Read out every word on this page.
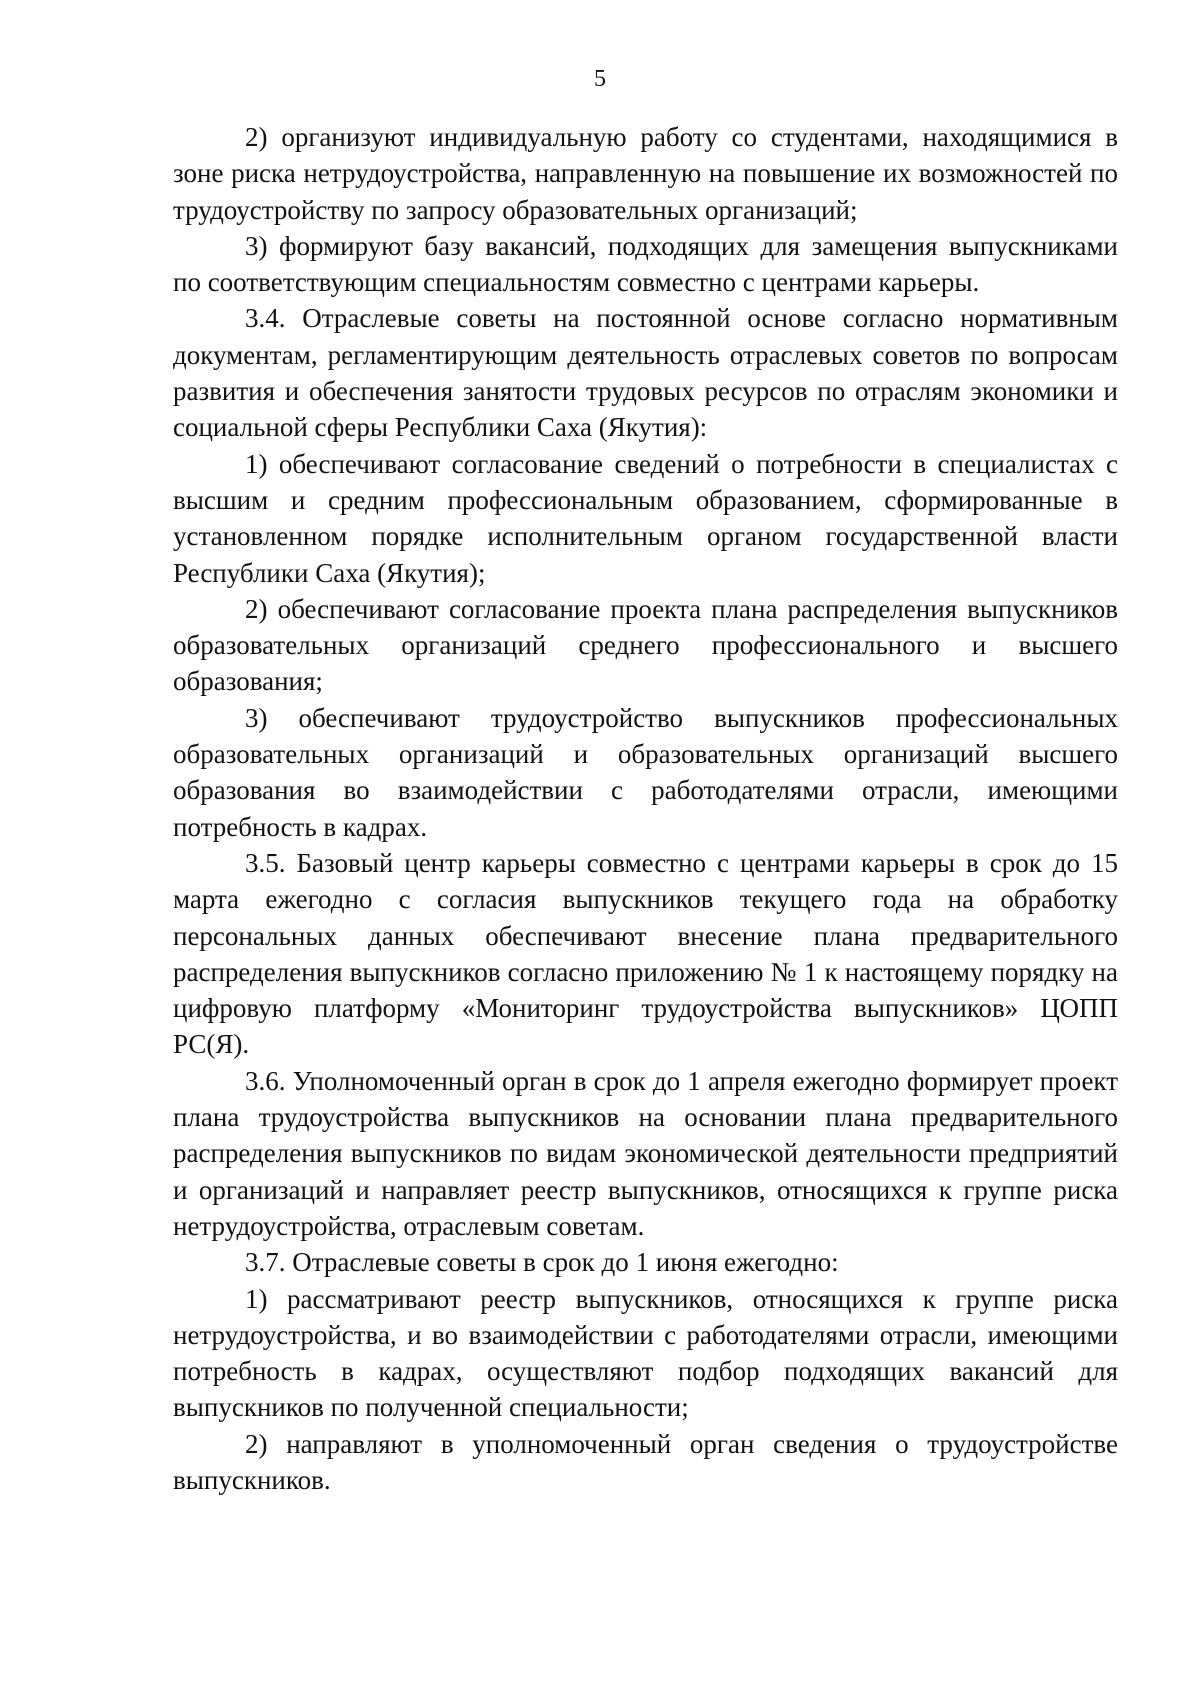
5

2) организуют индивидуальную работу со студентами, находящимися в зоне риска нетрудоустройства, направленную на повышение их возможностей по трудоустройству по запросу образовательных организаций;

3) формируют базу вакансий, подходящих для замещения выпускниками по соответствующим специальностям совместно с центрами карьеры.

3.4. Отраслевые советы на постоянной основе согласно нормативным документам, регламентирующим деятельность отраслевых советов по вопросам развития и обеспечения занятости трудовых ресурсов по отраслям экономики и социальной сферы Республики Саха (Якутия):

1) обеспечивают согласование сведений о потребности в специалистах с высшим и средним профессиональным образованием, сформированные в установленном порядке исполнительным органом государственной власти Республики Саха (Якутия);

2) обеспечивают согласование проекта плана распределения выпускников образовательных организаций среднего профессионального и высшего образования;

3) обеспечивают трудоустройство выпускников профессиональных образовательных организаций и образовательных организаций высшего образования во взаимодействии с работодателями отрасли, имеющими потребность в кадрах.

3.5. Базовый центр карьеры совместно с центрами карьеры в срок до 15 марта ежегодно с согласия выпускников текущего года на обработку персональных данных обеспечивают внесение плана предварительного распределения выпускников согласно приложению № 1 к настоящему порядку на цифровую платформу «Мониторинг трудоустройства выпускников» ЦОПП РС(Я).

3.6. Уполномоченный орган в срок до 1 апреля ежегодно формирует проект плана трудоустройства выпускников на основании плана предварительного распределения выпускников по видам экономической деятельности предприятий и организаций и направляет реестр выпускников, относящихся к группе риска нетрудоустройства, отраслевым советам.

3.7. Отраслевые советы в срок до 1 июня ежегодно:

1) рассматривают реестр выпускников, относящихся к группе риска нетрудоустройства, и во взаимодействии с работодателями отрасли, имеющими потребность в кадрах, осуществляют подбор подходящих вакансий для выпускников по полученной специальности;

2) направляют в уполномоченный орган сведения о трудоустройстве выпускников.
